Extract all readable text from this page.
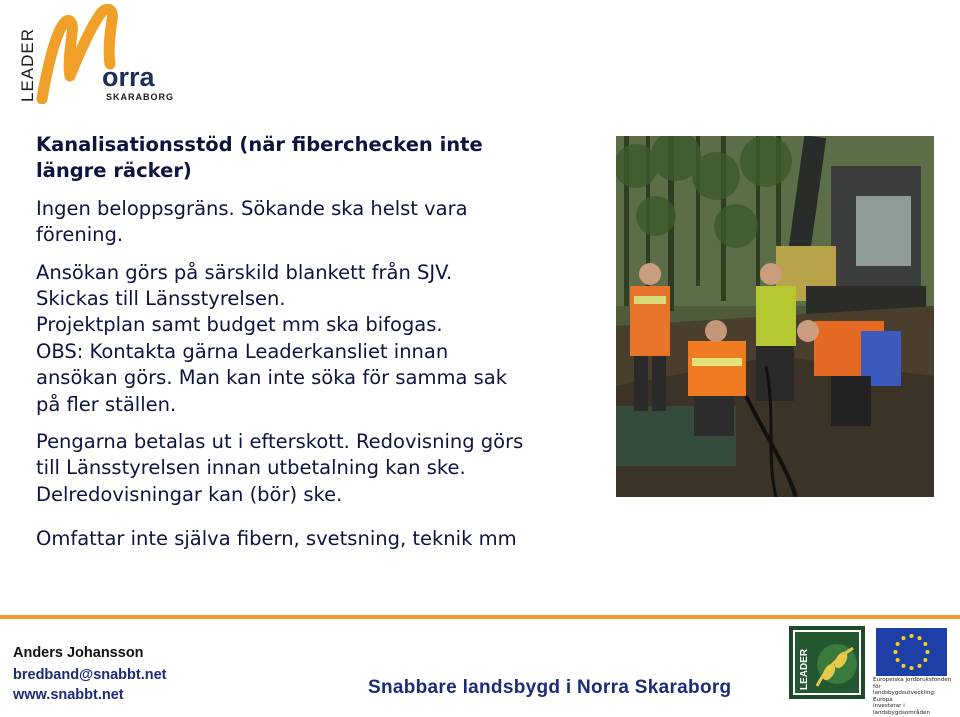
LEADER orra
SKARABORG

Kanalisationsstöd (när fiberchecken inte
längre räcker)

Ingen beloppsgräns. Sökande ska helst vara
förening.

Ansökan görs på särskild blankett från SJV.
Skickas till Länsstyrelsen.
Projektplan samt budget mm ska bifogas.
OBS: Kontakta gärna Leaderkansliet innan
ansökan görs. Man kan inte söka för samma sak
på fler ställen.

Pengarna betalas ut i efterskott. Redovisning görs
till Länsstyrelsen innan utbetalning kan ske.
Delredovisningar kan (bör) ske.

Omfattar inte själva fibern, svetsning, teknik mm

Anders Johansson
bredband@snabbt.net
www.snabbt.net	Snabbare landsbygd i Norra Skaraborg	LEADER	Europeiska jordbruksfonden för
landsbygdsutveckling: Europa
investerar i landsbygdsområden
